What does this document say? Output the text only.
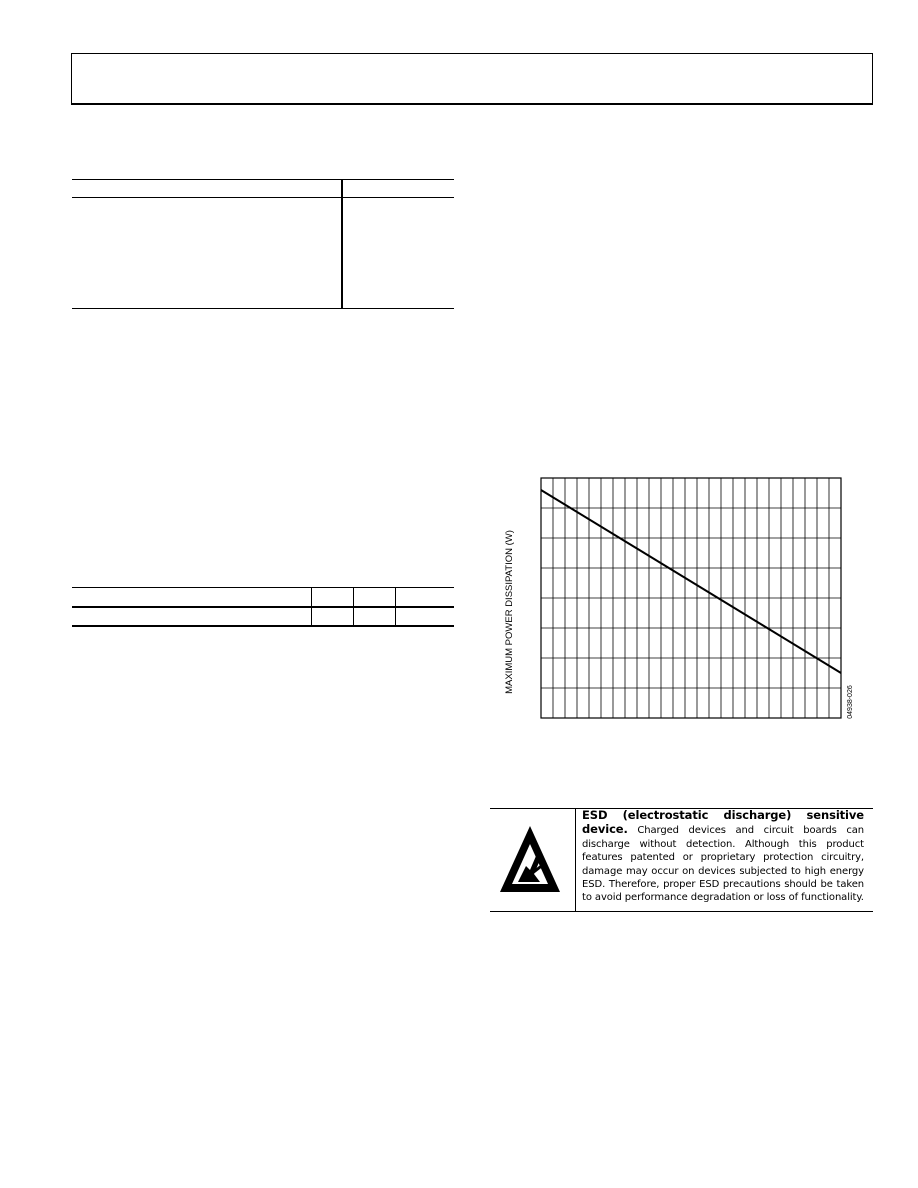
MAXIMUM POWER DISSIPATION (W)
04938-026
ESD (electrostatic discharge) sensitive device. Charged devices and circuit boards can discharge without detection. Although this product features patented or proprietary protection circuitry, damage may occur on devices subjected to high energy ESD. Therefore, proper ESD precautions should be taken to avoid performance degradation or loss of functionality.
